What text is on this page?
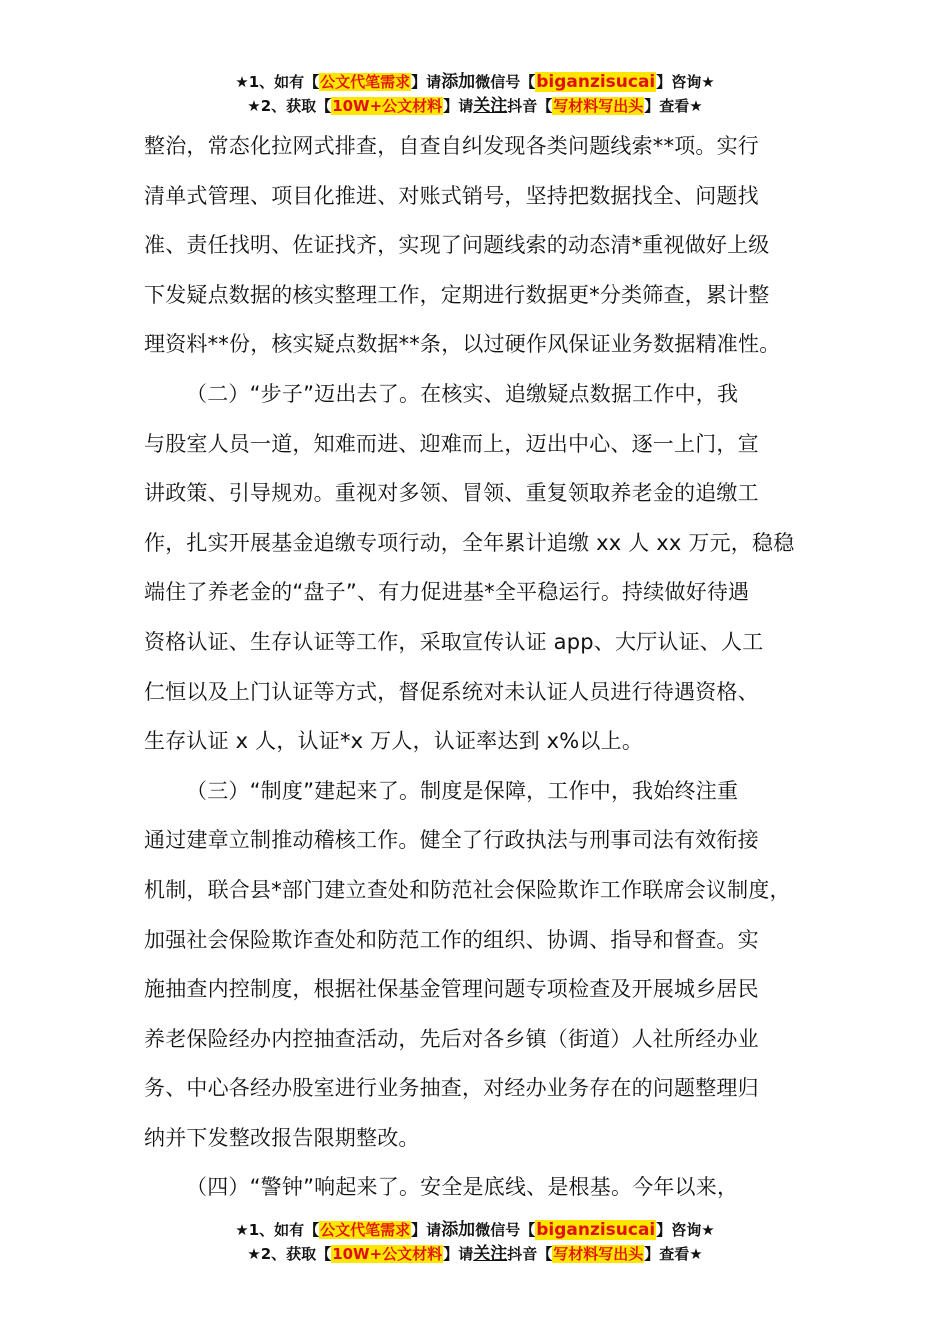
★1、如有【公文代笔需求】请添加微信号【biganzisucai】咨询★
★2、获取【10W+公文材料】请关注抖音【写材料写出头】查看★
整治，常态化拉网式排查，自查自纠发现各类问题线索**项。实行
清单式管理、项目化推进、对账式销号，坚持把数据找全、问题找
准、责任找明、佐证找齐，实现了问题线索的动态清*重视做好上级
下发疑点数据的核实整理工作，定期进行数据更*分类筛查，累计整
理资料**份，核实疑点数据**条，以过硬作风保证业务数据精准性。
（二）“步子”迈出去了。在核实、追缴疑点数据工作中，我
与股室人员一道，知难而进、迎难而上，迈出中心、逐一上门，宣
讲政策、引导规劝。重视对多领、冒领、重复领取养老金的追缴工
作，扎实开展基金追缴专项行动，全年累计追缴 xx 人 xx 万元，稳稳
端住了养老金的“盘子”、有力促进基*全平稳运行。持续做好待遇
资格认证、生存认证等工作，采取宣传认证 app、大厅认证、人工
仁恒以及上门认证等方式，督促系统对未认证人员进行待遇资格、
生存认证 x 人，认证*x 万人，认证率达到 x%以上。
（三）“制度”建起来了。制度是保障，工作中，我始终注重
通过建章立制推动稽核工作。健全了行政执法与刑事司法有效衔接
机制，联合县*部门建立查处和防范社会保险欺诈工作联席会议制度，
加强社会保险欺诈查处和防范工作的组织、协调、指导和督查。实
施抽查内控制度，根据社保基金管理问题专项检查及开展城乡居民
养老保险经办内控抽查活动，先后对各乡镇（街道）人社所经办业
务、中心各经办股室进行业务抽查，对经办业务存在的问题整理归
纳并下发整改报告限期整改。
（四）“警钟”响起来了。安全是底线、是根基。今年以来，
★1、如有【公文代笔需求】请添加微信号【biganzisucai】咨询★
★2、获取【10W+公文材料】请关注抖音【写材料写出头】查看★
